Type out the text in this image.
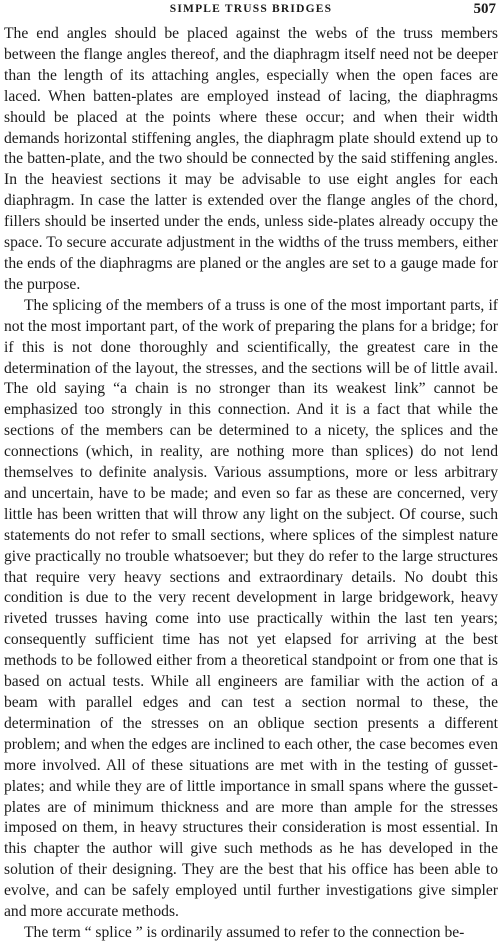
SIMPLE TRUSS BRIDGES	507

The end angles should be placed against the webs of the truss members between the flange angles thereof, and the diaphragm itself need not be deeper than the length of its attaching angles, especially when the open faces are laced. When batten-plates are employed instead of lacing, the diaphragms should be placed at the points where these occur; and when their width demands horizontal stiffening angles, the diaphragm plate should extend up to the batten-plate, and the two should be connected by the said stiffening angles. In the heaviest sections it may be advisable to use eight angles for each diaphragm. In case the latter is extended over the flange angles of the chord, fillers should be inserted under the ends, unless side-plates already occupy the space. To secure accurate adjustment in the widths of the truss members, either the ends of the diaphragms are planed or the angles are set to a gauge made for the purpose.

The splicing of the members of a truss is one of the most important parts, if not the most important part, of the work of preparing the plans for a bridge; for if this is not done thoroughly and scientifically, the greatest care in the determination of the layout, the stresses, and the sections will be of little avail. The old saying “a chain is no stronger than its weakest link” cannot be emphasized too strongly in this connection. And it is a fact that while the sections of the members can be determined to a nicety, the splices and the connections (which, in reality, are nothing more than splices) do not lend themselves to definite analysis. Various assumptions, more or less arbitrary and uncertain, have to be made; and even so far as these are concerned, very little has been written that will throw any light on the subject. Of course, such statements do not refer to small sections, where splices of the simplest nature give practically no trouble whatsoever; but they do refer to the large structures that require very heavy sections and extraordinary details. No doubt this condition is due to the very recent development in large bridgework, heavy riveted trusses having come into use practically within the last ten years; consequently sufficient time has not yet elapsed for arriving at the best methods to be followed either from a theoretical standpoint or from one that is based on actual tests. While all engineers are familiar with the action of a beam with parallel edges and can test a section normal to these, the determination of the stresses on an oblique section presents a different problem; and when the edges are inclined to each other, the case becomes even more involved. All of these situations are met with in the testing of gusset-plates; and while they are of little importance in small spans where the gusset-plates are of minimum thickness and are more than ample for the stresses imposed on them, in heavy structures their consideration is most essential. In this chapter the author will give such methods as he has developed in the solution of their designing. They are the best that his office has been able to evolve, and can be safely employed until further investigations give simpler and more accurate methods.

The term “ splice ” is ordinarily assumed to refer to the connection be-
